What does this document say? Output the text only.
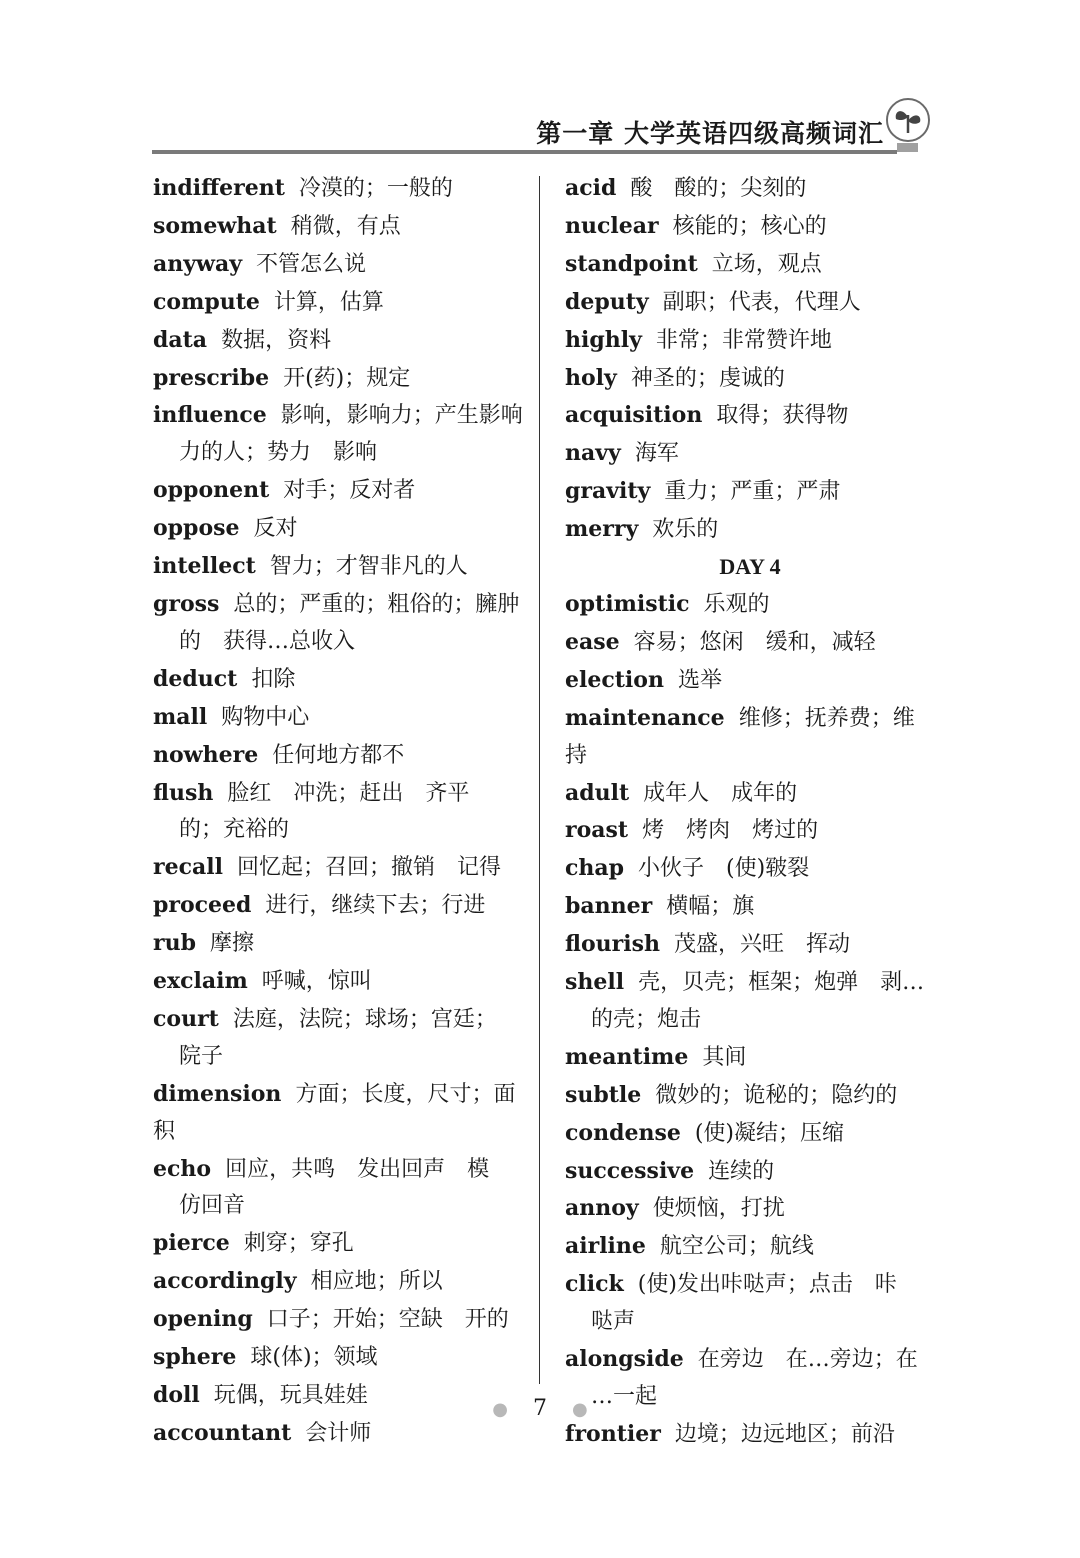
第一章 大学英语四级高频词汇
indifferent 冷漠的；一般的
somewhat 稍微，有点
anyway 不管怎么说
compute 计算，估算
data 数据，资料
prescribe 开(药)；规定
influence 影响，影响力；产生影响
力的人；势力　影响
opponent 对手；反对者
oppose 反对
intellect 智力；才智非凡的人
gross 总的；严重的；粗俗的；臃肿
的　获得…总收入
deduct 扣除
mall 购物中心
nowhere 任何地方都不
flush 脸红　冲洗；赶出　齐平
的；充裕的
recall 回忆起；召回；撤销　记得
proceed 进行，继续下去；行进
rub 摩擦
exclaim 呼喊，惊叫
court 法庭，法院；球场；宫廷；
院子
dimension 方面；长度，尺寸；面积
echo 回应，共鸣　发出回声　模
仿回音
pierce 刺穿；穿孔
accordingly 相应地；所以
opening 口子；开始；空缺　开的
sphere 球(体)；领域
doll 玩偶，玩具娃娃
accountant 会计师
acid 酸　酸的；尖刻的
nuclear 核能的；核心的
standpoint 立场，观点
deputy 副职；代表，代理人
highly 非常；非常赞许地
holy 神圣的；虔诚的
acquisition 取得；获得物
navy 海军
gravity 重力；严重；严肃
merry 欢乐的
DAY 4
optimistic 乐观的
ease 容易；悠闲　缓和，减轻
election 选举
maintenance 维修；抚养费；维持
adult 成年人　成年的
roast 烤　烤肉　烤过的
chap 小伙子　(使)皲裂
banner 横幅；旗
flourish 茂盛，兴旺　挥动
shell 壳，贝壳；框架；炮弹　剥…
的壳；炮击
meantime 其间
subtle 微妙的；诡秘的；隐约的
condense (使)凝结；压缩
successive 连续的
annoy 使烦恼，打扰
airline 航空公司；航线
click (使)发出咔哒声；点击　咔
哒声
alongside 在旁边　在…旁边；在
…一起
frontier 边境；边远地区；前沿
● 7 ●
